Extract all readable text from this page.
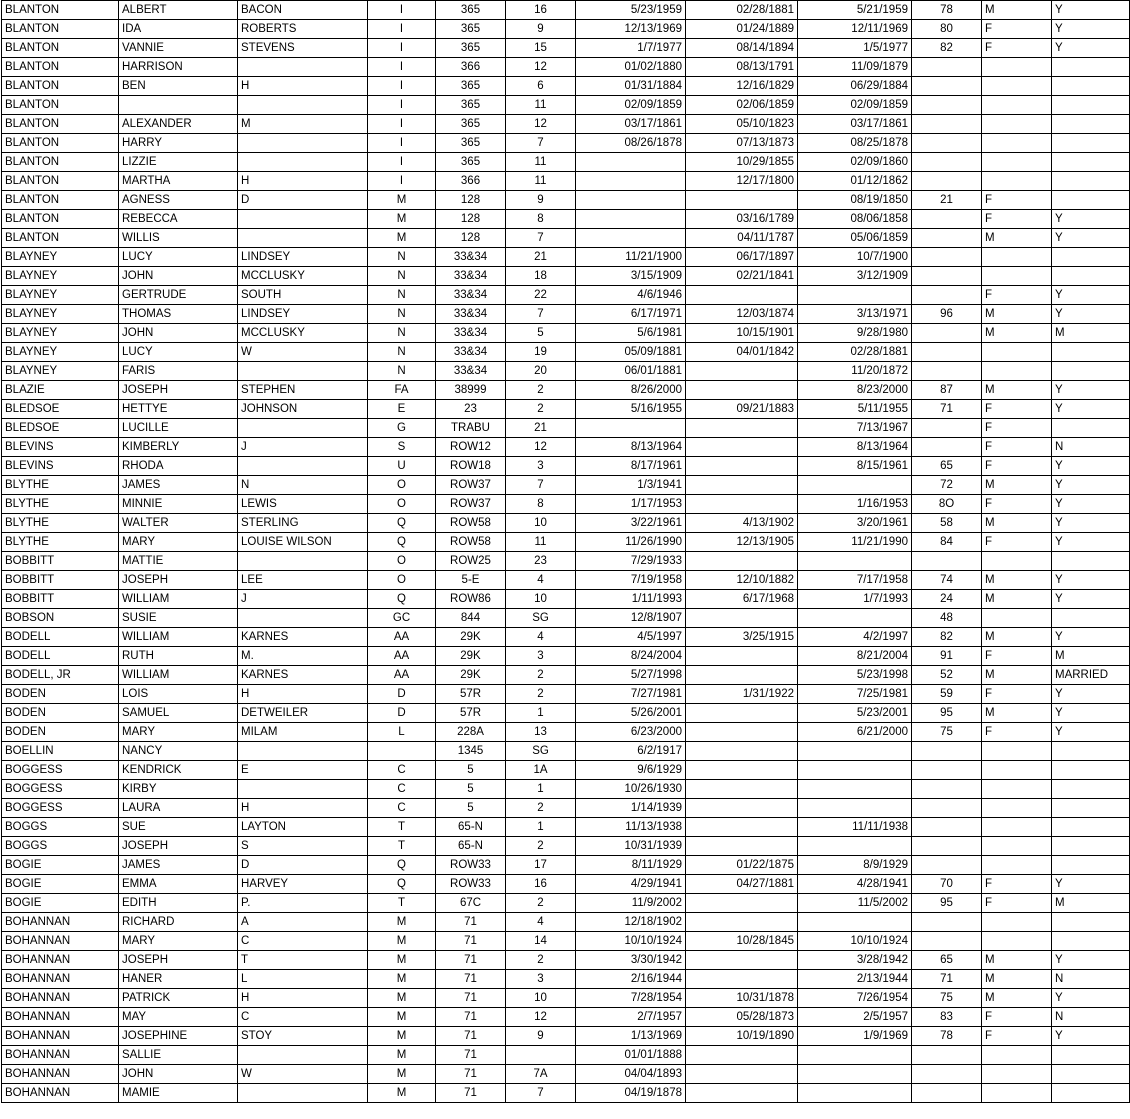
BLANTON	ALBERT	BACON	I	365	16	5/23/1959	02/28/1881	5/21/1959	78	M	Y
BLANTON	IDA	ROBERTS	I	365	9	12/13/1969	01/24/1889	12/11/1969	80	F	Y
BLANTON	VANNIE	STEVENS	I	365	15	1/7/1977	08/14/1894	1/5/1977	82	F	Y
BLANTON	HARRISON		I	366	12	01/02/1880	08/13/1791	11/09/1879			
BLANTON	BEN	H	I	365	6	01/31/1884	12/16/1829	06/29/1884			
BLANTON			I	365	11	02/09/1859	02/06/1859	02/09/1859			
BLANTON	ALEXANDER	M	I	365	12	03/17/1861	05/10/1823	03/17/1861			
BLANTON	HARRY		I	365	7	08/26/1878	07/13/1873	08/25/1878			
BLANTON	LIZZIE		I	365	11		10/29/1855	02/09/1860			
BLANTON	MARTHA	H	I	366	11		12/17/1800	01/12/1862			
BLANTON	AGNESS	D	M	128	9			08/19/1850	21	F	
BLANTON	REBECCA		M	128	8		03/16/1789	08/06/1858		F	Y
BLANTON	WILLIS		M	128	7		04/11/1787	05/06/1859		M	Y
BLAYNEY	LUCY	LINDSEY	N	33&34	21	11/21/1900	06/17/1897	10/7/1900			
BLAYNEY	JOHN	MCCLUSKY	N	33&34	18	3/15/1909	02/21/1841	3/12/1909			
BLAYNEY	GERTRUDE	SOUTH	N	33&34	22	4/6/1946				F	Y
BLAYNEY	THOMAS	LINDSEY	N	33&34	7	6/17/1971	12/03/1874	3/13/1971	96	M	Y
BLAYNEY	JOHN	MCCLUSKY	N	33&34	5	5/6/1981	10/15/1901	9/28/1980		M	M
BLAYNEY	LUCY	W	N	33&34	19	05/09/1881	04/01/1842	02/28/1881			
BLAYNEY	FARIS		N	33&34	20	06/01/1881		11/20/1872			
BLAZIE	JOSEPH	STEPHEN	FA	38999	2	8/26/2000		8/23/2000	87	M	Y
BLEDSOE	HETTYE	JOHNSON	E	23	2	5/16/1955	09/21/1883	5/11/1955	71	F	Y
BLEDSOE	LUCILLE		G	TRABU	21			7/13/1967		F	
BLEVINS	KIMBERLY	J	S	ROW12	12	8/13/1964		8/13/1964		F	N
BLEVINS	RHODA		U	ROW18	3	8/17/1961		8/15/1961	65	F	Y
BLYTHE	JAMES	N	O	ROW37	7	1/3/1941			72	M	Y
BLYTHE	MINNIE	LEWIS	O	ROW37	8	1/17/1953		1/16/1953	8O	F	Y
BLYTHE	WALTER	STERLING	Q	ROW58	10	3/22/1961	4/13/1902	3/20/1961	58	M	Y
BLYTHE	MARY	LOUISE WILSON	Q	ROW58	11	11/26/1990	12/13/1905	11/21/1990	84	F	Y
BOBBITT	MATTIE		O	ROW25	23	7/29/1933					
BOBBITT	JOSEPH	LEE	O	5-E	4	7/19/1958	12/10/1882	7/17/1958	74	M	Y
BOBBITT	WILLIAM	J	Q	ROW86	10	1/11/1993	6/17/1968	1/7/1993	24	M	Y
BOBSON	SUSIE		GC	844	SG	12/8/1907			48		
BODELL	WILLIAM	KARNES	AA	29K	4	4/5/1997	3/25/1915	4/2/1997	82	M	Y
BODELL	RUTH	M.	AA	29K	3	8/24/2004		8/21/2004	91	F	M
BODELL, JR	WILLIAM	KARNES	AA	29K	2	5/27/1998		5/23/1998	52	M	MARRIED
BODEN	LOIS	H	D	57R	2	7/27/1981	1/31/1922	7/25/1981	59	F	Y
BODEN	SAMUEL	DETWEILER	D	57R	1	5/26/2001		5/23/2001	95	M	Y
BODEN	MARY	MILAM	L	228A	13	6/23/2000		6/21/2000	75	F	Y
BOELLIN	NANCY			1345	SG	6/2/1917					
BOGGESS	KENDRICK	E	C	5	1A	9/6/1929					
BOGGESS	KIRBY		C	5	1	10/26/1930					
BOGGESS	LAURA	H	C	5	2	1/14/1939					
BOGGS	SUE	LAYTON	T	65-N	1	11/13/1938		11/11/1938			
BOGGS	JOSEPH	S	T	65-N	2	10/31/1939					
BOGIE	JAMES	D	Q	ROW33	17	8/11/1929	01/22/1875	8/9/1929			
BOGIE	EMMA	HARVEY	Q	ROW33	16	4/29/1941	04/27/1881	4/28/1941	70	F	Y
BOGIE	EDITH	P.	T	67C	2	11/9/2002		11/5/2002	95	F	M
BOHANNAN	RICHARD	A	M	71	4	12/18/1902					
BOHANNAN	MARY	C	M	71	14	10/10/1924	10/28/1845	10/10/1924			
BOHANNAN	JOSEPH	T	M	71	2	3/30/1942		3/28/1942	65	M	Y
BOHANNAN	HANER	L	M	71	3	2/16/1944		2/13/1944	71	M	N
BOHANNAN	PATRICK	H	M	71	10	7/28/1954	10/31/1878	7/26/1954	75	M	Y
BOHANNAN	MAY	C	M	71	12	2/7/1957	05/28/1873	2/5/1957	83	F	N
BOHANNAN	JOSEPHINE	STOY	M	71	9	1/13/1969	10/19/1890	1/9/1969	78	F	Y
BOHANNAN	SALLIE		M	71		01/01/1888					
BOHANNAN	JOHN	W	M	71	7A	04/04/1893					
BOHANNAN	MAMIE		M	71	7	04/19/1878					
